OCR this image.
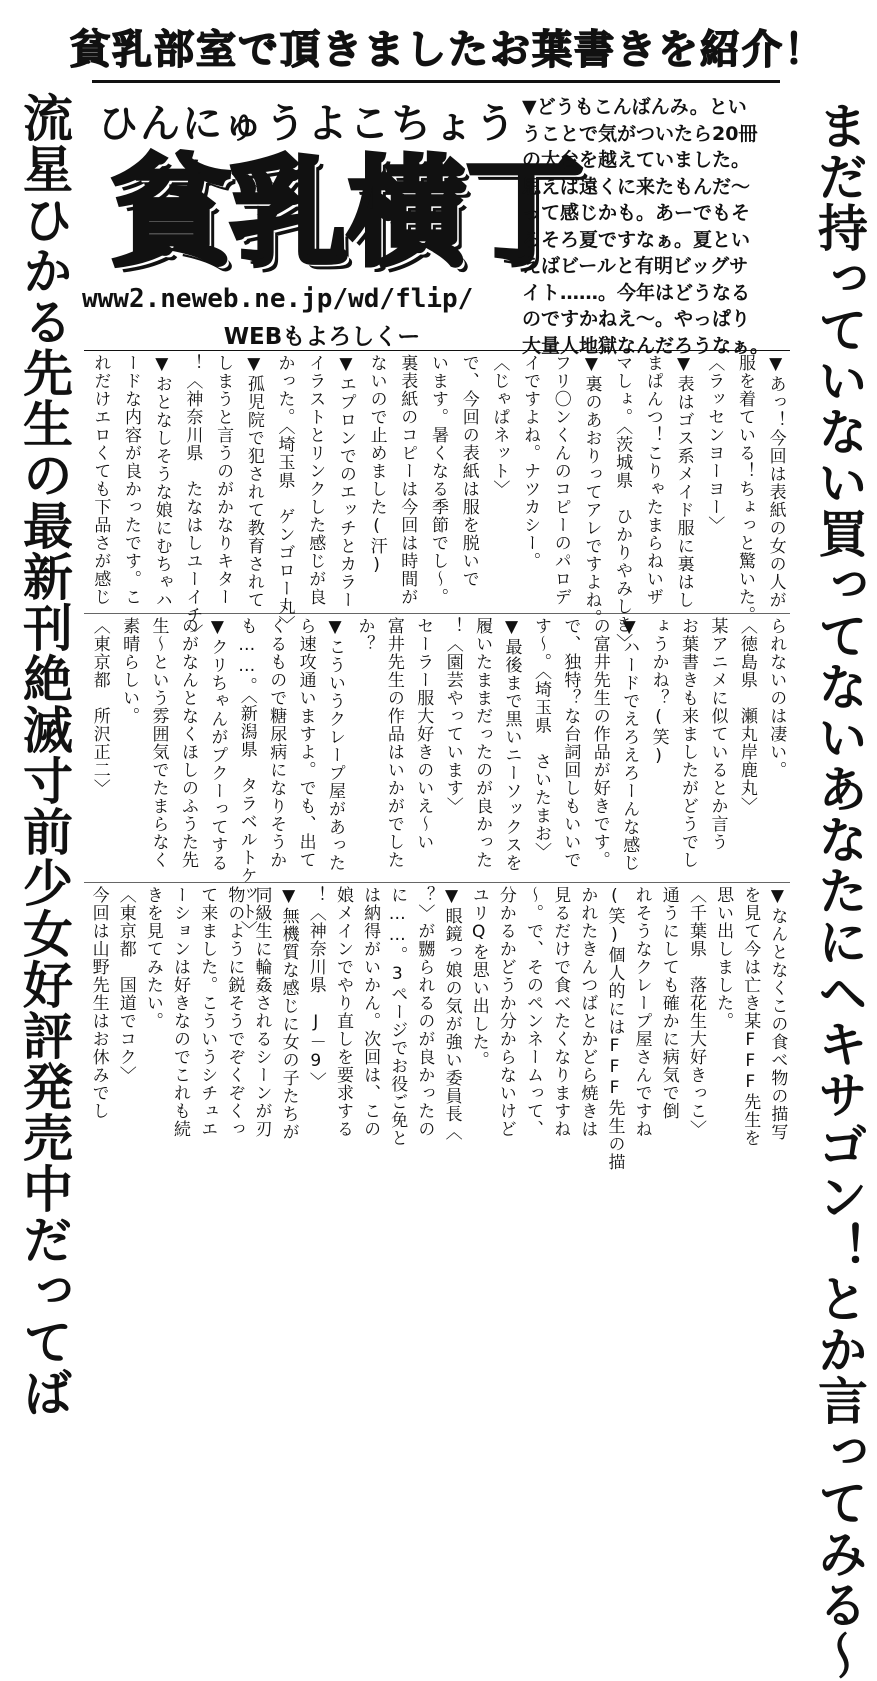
貧乳部室で頂きましたお葉書きを紹介！
流星ひかる先生の最新刊絶滅寸前少女好評発売中だってば	まだ持っていない買ってないあなたにヘキサゴン！とか言ってみる〜
ひんにゅうよこちょう
貧乳横丁
www2.neweb.ne.jp/wd/flip/
WEBもよろしくー
▼どうもこんばんみ。とい
うことで気がついたら20冊
の大台を越えていました。
思えば遠くに来たもんだ〜
って感じかも。あーでもそ
ろそろ夏ですなぁ。夏とい
えばビールと有明ビッグサ
イト……。今年はどうなる
のですかねえ〜。やっぱり
大量人地獄なんだろうなぁ。
▼あっ！今回は表紙の女の人が
服を着ている！ちょっと驚いた。
〈ラッセンヨーヨー〉
▼表はゴス系メイド服に裏はし
まぱんつ！こりゃたまらねいザ
マしょ。〈茨城県　ひかりやみしき〉
▼裏のあおりってアレですよね。
フリ〇ンくんのコピーのパロデ
イですよね。ナツカシー。
〈じゃぱネット〉
で、今回の表紙は服を脱いで
います。暑くなる季節でし〜。
裏表紙のコピーは今回は時間が
ないので止めました(汗)
▼エプロンでのエッチとカラー
イラストとリンクした感じが良
かった。〈埼玉県　ゲンゴロー丸〉
▼孤児院で犯されて教育されて
しまうと言うのがかなりキター
！〈神奈川県　たなはしユーイチ〉
▼おとなしそうな娘にむちゃハ
ードな内容が良かったです。こ
れだけエロくても下品さが感じ
られないのは凄い。
〈徳島県　瀬丸岸鹿丸〉
某アニメに似ているとか言う
お葉書きも来ましたがどうでし
ょうかね？(笑)
▼ハードでえろえろーんな感じ
の富井先生の作品が好きです。
で、独特？な台詞回しもいいで
す〜。〈埼玉県　さいたまお〉
▼最後まで黒いニーソックスを
履いたままだったのが良かった
！〈園芸やっています〉
セーラー服大好きのいえ〜い
富井先生の作品はいかがでした
か？
▼こういうクレープ屋があった
ら速攻通いますよ。でも、出て
くるもので糖尿病になりそうか
も……。〈新潟県　タラベルトケット〉
▼クリちゃんがプクーってする
のがなんとなくほしのふうた先
生〜という雰囲気でたまらなく
素晴らしい。
〈東京都　所沢正二〉
▼なんとなくこの食べ物の描写
を見て今は亡き某FFF先生を
思い出しました。
〈千葉県　落花生大好きっこ〉
通うにしても確かに病気で倒
れそうなクレープ屋さんですね
(笑)個人的にはFFF先生の描
かれたきんつばとかどら焼きは
見るだけで食べたくなりますね
〜。で、そのペンネームって、
分かるかどうか分からないけど
ユリQを思い出した。
▼眼鏡っ娘の気が強い委員長〈
？〉が嬲られるのが良かったの
に……。3ページでお役ご免と
は納得がいかん。次回は、この
娘メインでやり直しを要求する
！〈神奈川県　J－9〉
▼無機質な感じに女の子たちが
同級生に輪姦されるシーンが刃
物のように鋭そうでぞくぞくっ
て来ました。こういうシチュエ
ーションは好きなのでこれも続
きを見てみたい。
〈東京都　国道でコク〉
今回は山野先生はお休みでし
